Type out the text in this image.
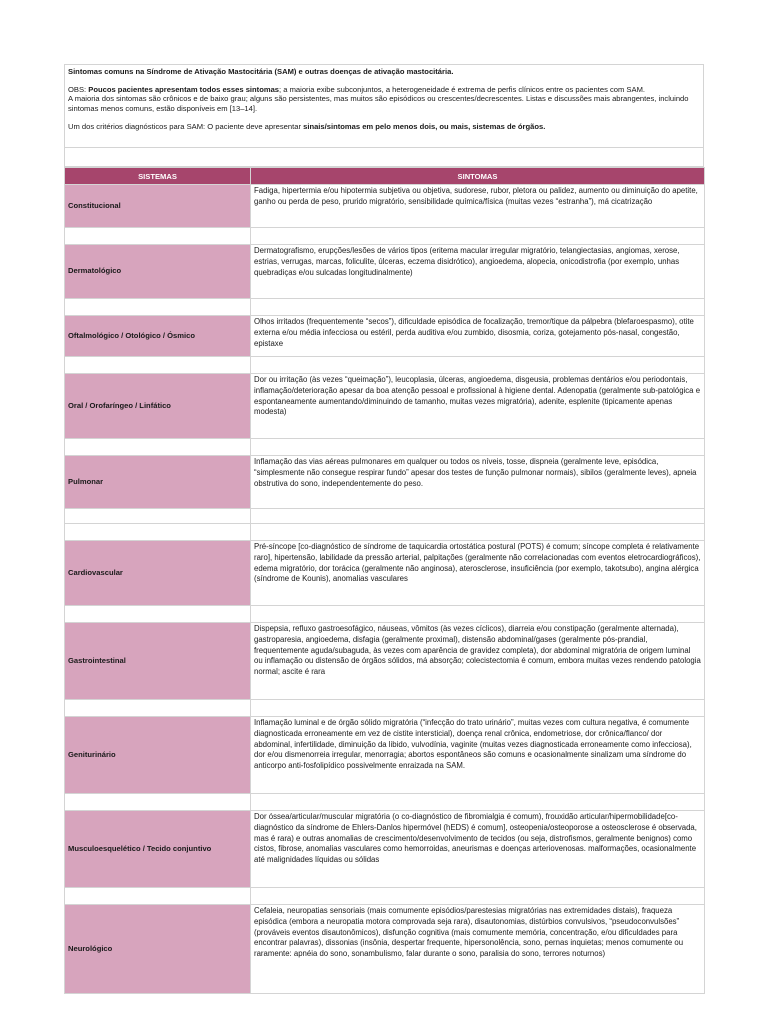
Sintomas comuns na Síndrome de Ativação Mastocitária (SAM) e outras doenças de ativação mastocitária.

OBS: Poucos pacientes apresentam todos esses sintomas; a maioria exibe subconjuntos, a heterogeneidade é extrema de perfis clínicos entre os pacientes com SAM.

A maioria dos sintomas são crônicos e de baixo grau; alguns são persistentes, mas muitos são episódicos ou crescentes/decrescentes. Listas e discussões mais abrangentes, incluindo sintomas menos comuns, estão disponíveis em [13–14].

Um dos critérios diagnósticos para SAM: O paciente deve apresentar sinais/sintomas em pelo menos dois, ou mais, sistemas de órgãos.

SISTEMAS	SINTOMAS
Constitucional	Fadiga, hipertermia e/ou hipotermia subjetiva ou objetiva, sudorese, rubor, pletora ou palidez, aumento ou diminuição do apetite, ganho ou perda de peso, prurido migratório, sensibilidade química/física (muitas vezes “estranha”), má cicatrização

Dermatológico	Dermatografismo, erupções/lesões de vários tipos (eritema macular irregular migratório, telangiectasias, angiomas, xerose, estrias, verrugas, marcas, foliculite, úlceras, eczema disidrótico), angioedema, alopecia, onicodistrofia (por exemplo, unhas quebradiças e/ou sulcadas longitudinalmente)

Oftalmológico / Otológico / Ósmico	Olhos irritados (frequentemente “secos”), dificuldade episódica de focalização, tremor/tique da pálpebra (blefaroespasmo), otite externa e/ou média infecciosa ou estéril, perda auditiva e/ou zumbido, disosmia, coriza, gotejamento pós-nasal, congestão, epistaxe

Oral / Orofaríngeo / Linfático	Dor ou irritação (às vezes “queimação”), leucoplasia, úlceras, angioedema, disgeusia, problemas dentários e/ou periodontais, inflamação/deterioração apesar da boa atenção pessoal e profissional à higiene dental. Adenopatia (geralmente sub-patológica e espontaneamente aumentando/diminuindo de tamanho, muitas vezes migratória), adenite, esplenite (tipicamente apenas modesta)

Pulmonar	Inflamação das vias aéreas pulmonares em qualquer ou todos os níveis, tosse, dispneia (geralmente leve, episódica, “simplesmente não consegue respirar fundo” apesar dos testes de função pulmonar normais), sibilos (geralmente leves), apneia obstrutiva do sono, independentemente do peso.

Cardiovascular	Pré-síncope [co-diagnóstico de síndrome de taquicardia ortostática postural (POTS) é comum; síncope completa é relativamente raro], hipertensão, labilidade da pressão arterial, palpitações (geralmente não correlacionadas com eventos eletrocardiográficos), edema migratório, dor torácica (geralmente não anginosa), aterosclerose, insuficiência (por exemplo, takotsubo), angina alérgica (síndrome de Kounis), anomalias vasculares

Gastrointestinal	Dispepsia, refluxo gastroesofágico, náuseas, vômitos (às vezes cíclicos), diarreia e/ou constipação (geralmente alternada), gastroparesia, angioedema, disfagia (geralmente proximal), distensão abdominal/gases (geralmente pós-prandial, frequentemente aguda/subaguda, às vezes com aparência de gravidez completa), dor abdominal migratória de origem luminal ou inflamação ou distensão de órgãos sólidos, má absorção; colecistectomia é comum, embora muitas vezes rendendo patologia normal; ascite é rara

Geniturinário	Inflamação luminal e de órgão sólido migratória (“infecção do trato urinário”, muitas vezes com cultura negativa, é comumente diagnosticada erroneamente em vez de cistite intersticial), doença renal crônica, endometriose, dor crônica/flanco/ dor abdominal, infertilidade, diminuição da libido, vulvodínia, vaginite (muitas vezes diagnosticada erroneamente como infecciosa), dor e/ou dismenorreia irregular, menorragia; abortos espontâneos são comuns e ocasionalmente sinalizam uma síndrome do anticorpo anti-fosfolipídico possivelmente enraizada na SAM.

Musculoesquelético / Tecido conjuntivo	Dor óssea/articular/muscular migratória (o co-diagnóstico de fibromialgia é comum), frouxidão articular/hipermobilidade[co-diagnóstico da síndrome de Ehlers-Danlos hipermóvel (hEDS) é comum], osteopenia/osteoporose a osteosclerose é observada, mas é rara) e outras anomalias de crescimento/desenvolvimento de tecidos (ou seja, distrofismos, geralmente benignos) como cistos, fibrose, anomalias vasculares como hemorroidas, aneurismas e doenças arteriovenosas. malformações, ocasionalmente até malignidades líquidas ou sólidas

Neurológico	Cefaleia, neuropatias sensoriais (mais comumente episódios/parestesias migratórias nas extremidades distais), fraqueza episódica (embora a neuropatia motora comprovada seja rara), disautonomias, distúrbios convulsivos, “pseudoconvulsões” (prováveis eventos disautonômicos), disfunção cognitiva (mais comumente memória, concentração, e/ou dificuldades para encontrar palavras), dissonias (insônia, despertar frequente, hipersonolência, sono, pernas inquietas; menos comumente ou raramente: apnéia do sono, sonambulismo, falar durante o sono, paralisia do sono, terrores noturnos)
